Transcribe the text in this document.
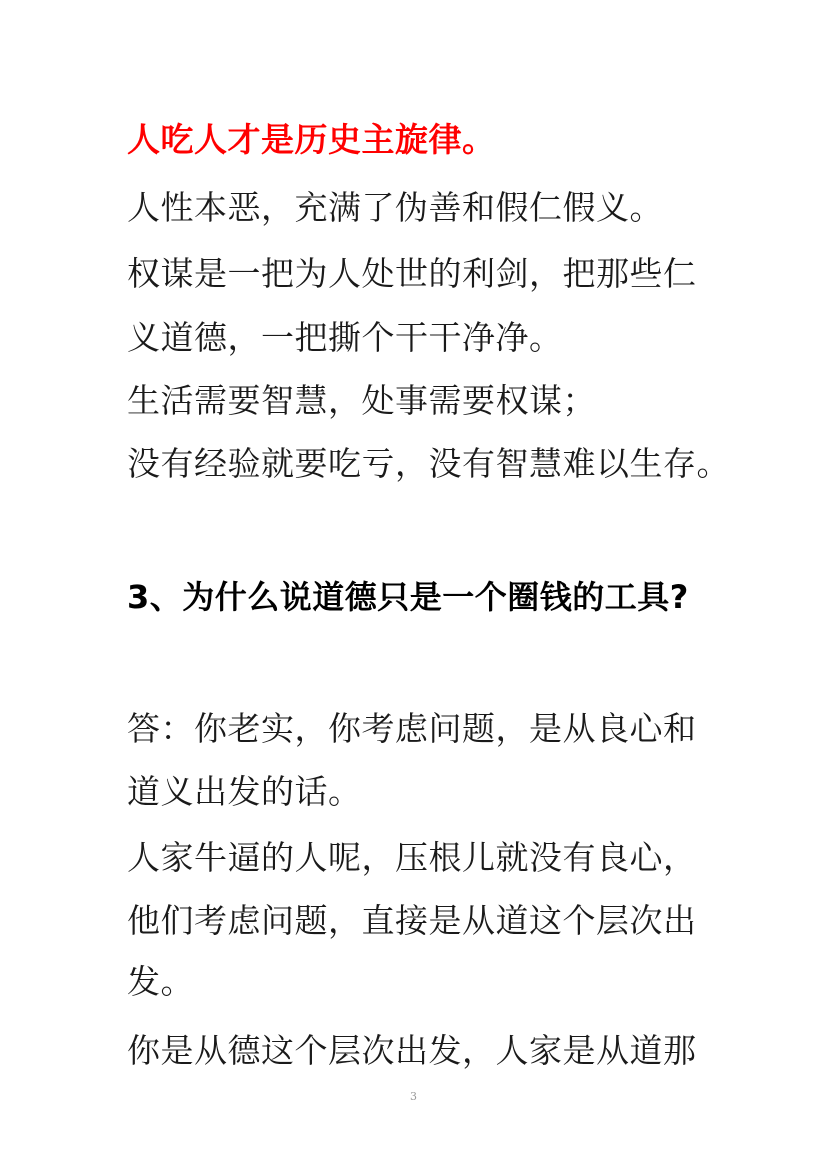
人吃人才是历史主旋律。
人性本恶，充满了伪善和假仁假义。
权谋是一把为人处世的利剑，把那些仁
义道德，一把撕个干干净净。
生活需要智慧，处事需要权谋；
没有经验就要吃亏，没有智慧难以生存。
3、为什么说道德只是一个圈钱的工具?
答：你老实，你考虑问题，是从良心和
道义出发的话。
人家牛逼的人呢，压根儿就没有良心，
他们考虑问题，直接是从道这个层次出
发。
你是从德这个层次出发，人家是从道那
3
